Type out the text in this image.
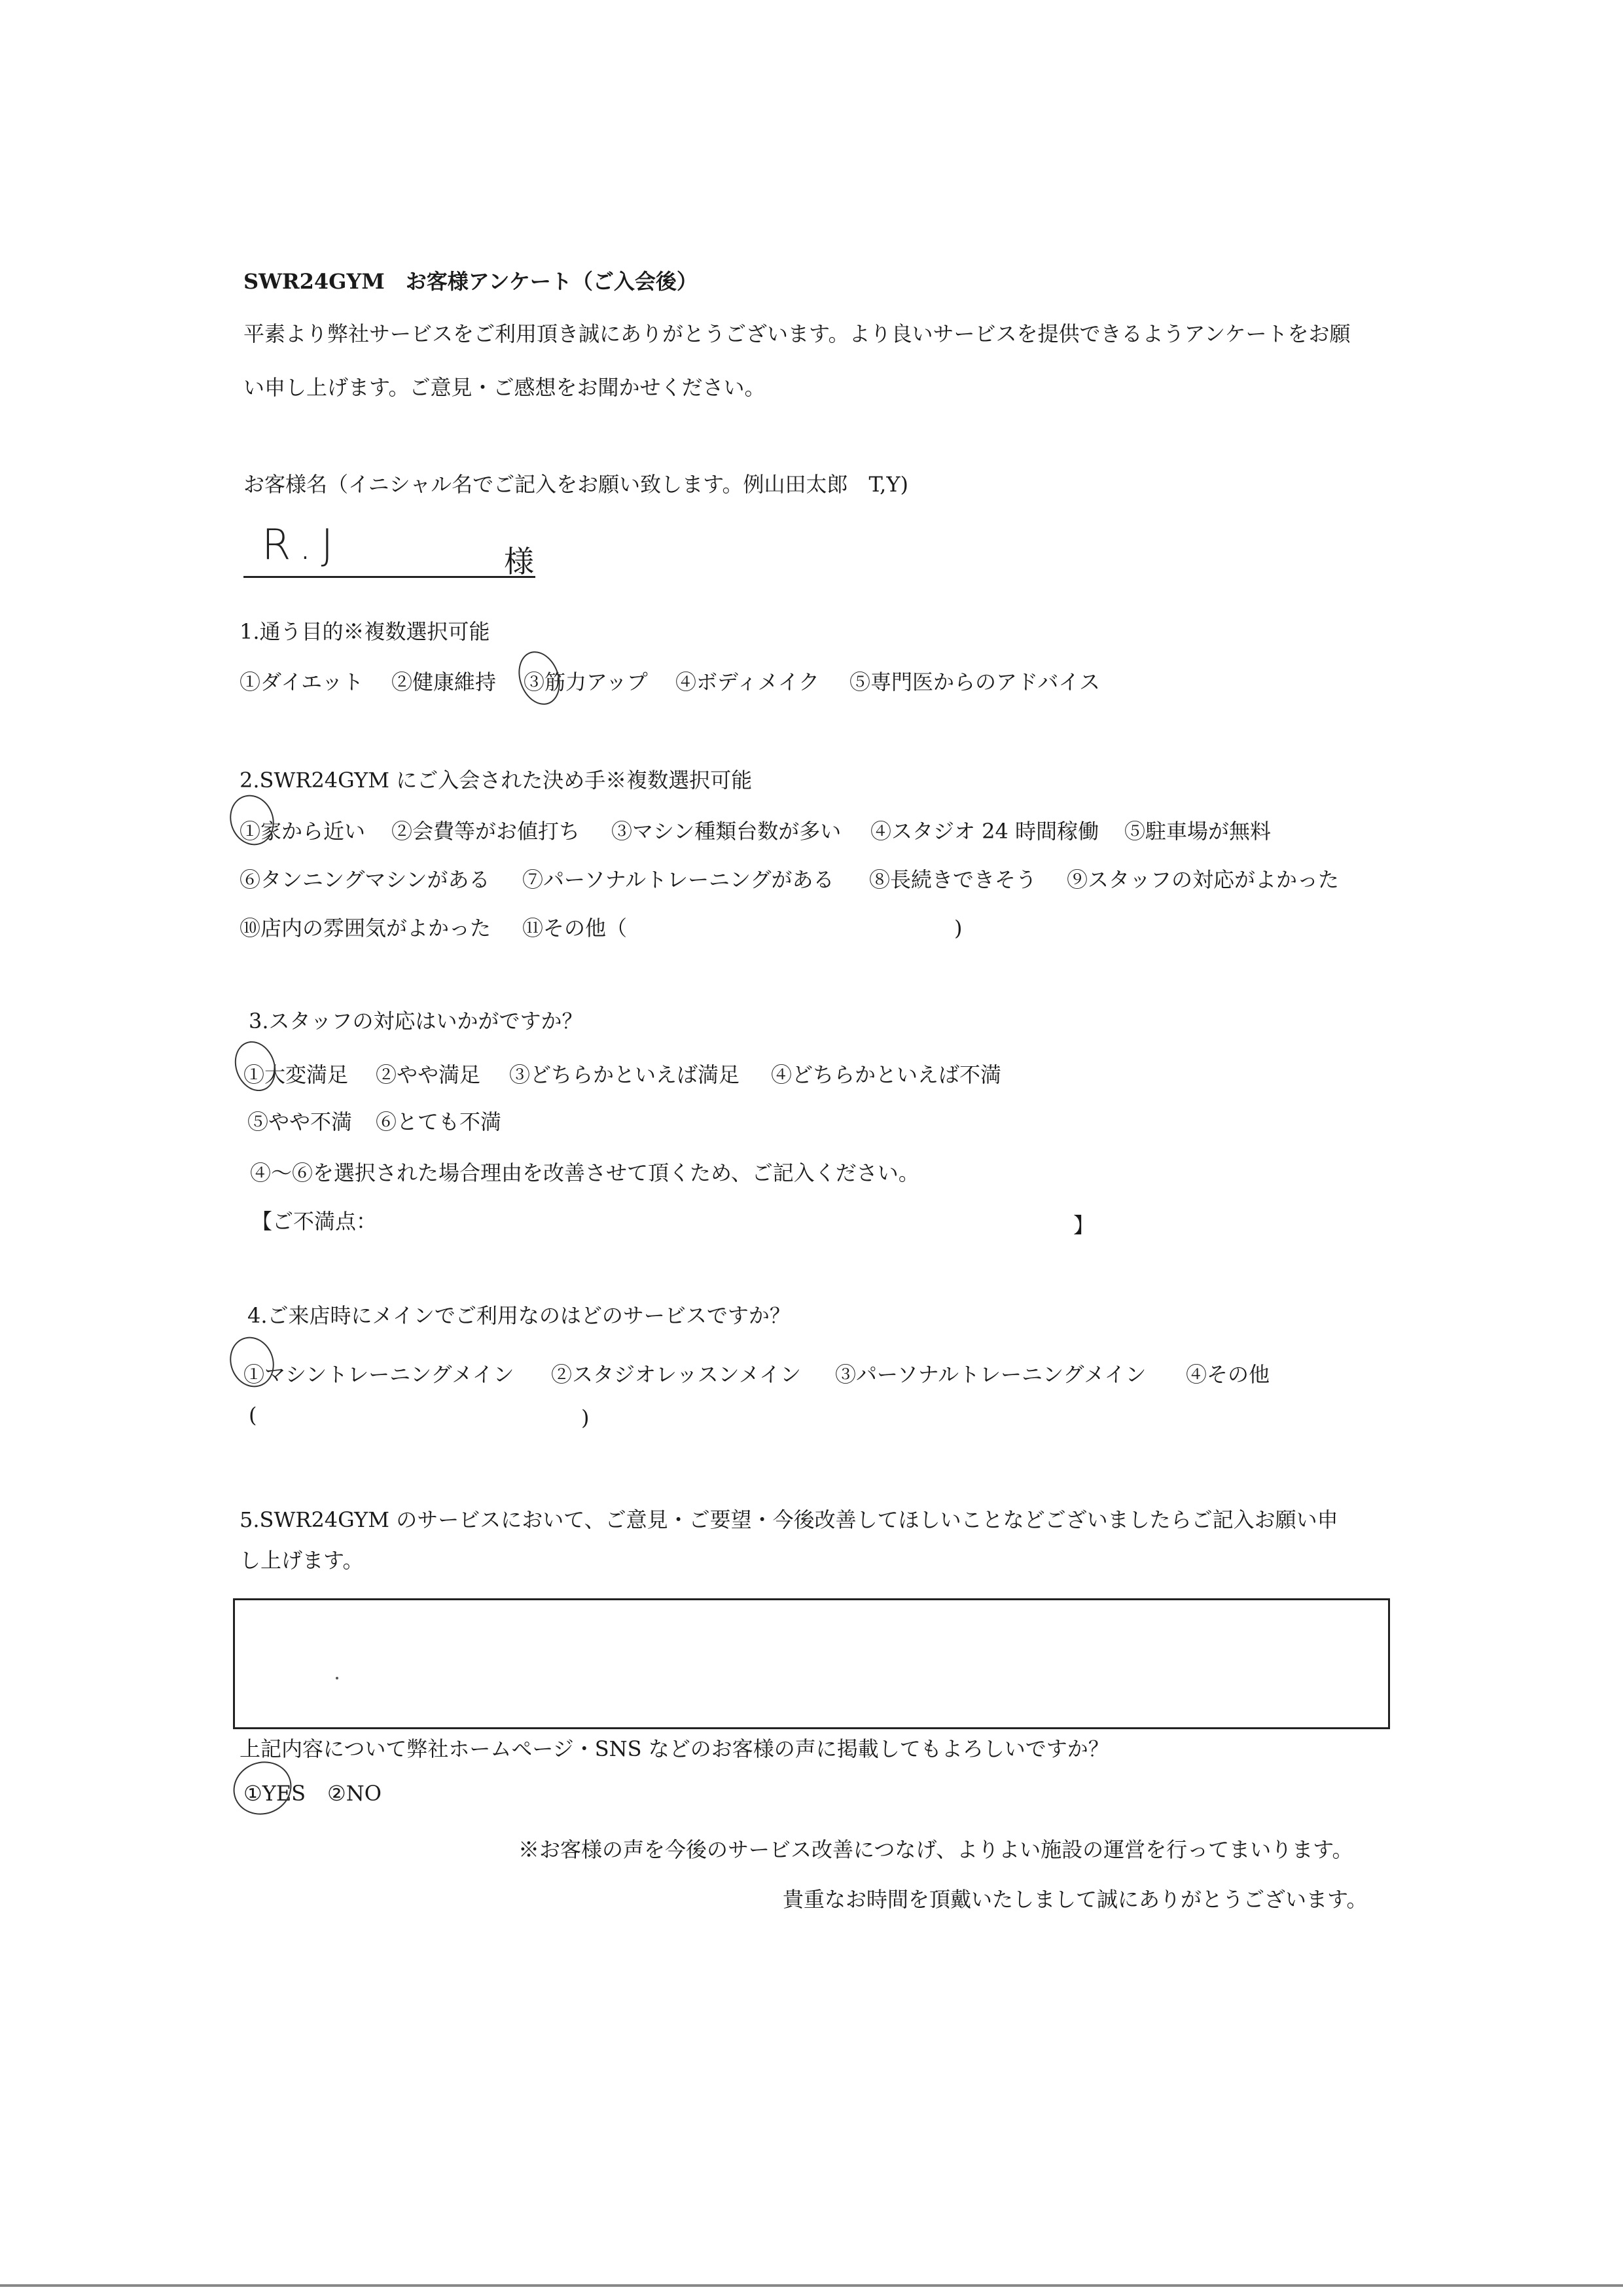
SWR24GYM　お客様アンケート（ご入会後）
平素より弊社サービスをご利用頂き誠にありがとうございます。より良いサービスを提供できるようアンケートをお願
い申し上げます。ご意見・ご感想をお聞かせください。
お客様名（イニシャル名でご記入をお願い致します。例山田太郎　T,Y)
R.J	様
1.通う目的※複数選択可能
①ダイエット ②健康維持 ③筋力アップ ④ボディメイク ⑤専門医からのアドバイス
2.SWR24GYM にご入会された決め手※複数選択可能
①家から近い ②会費等がお値打ち ③マシン種類台数が多い ④スタジオ 24 時間稼働 ⑤駐車場が無料
⑥タンニングマシンがある ⑦パーソナルトレーニングがある ⑧長続きできそう ⑨スタッフの対応がよかった
⑩店内の雰囲気がよかった ⑪その他（	)
3.スタッフの対応はいかがですか？
①大変満足 ②やや満足 ③どちらかといえば満足 ④どちらかといえば不満
⑤やや不満 ⑥とても不満
④〜⑥を選択された場合理由を改善させて頂くため、ご記入ください。
【ご不満点：	】
4.ご来店時にメインでご利用なのはどのサービスですか？
①マシントレーニングメイン ②スタジオレッスンメイン ③パーソナルトレーニングメイン ④その他
(	)
5.SWR24GYM のサービスにおいて、ご意見・ご要望・今後改善してほしいことなどございましたらご記入お願い申
し上げます。
上記内容について弊社ホームページ・SNS などのお客様の声に掲載してもよろしいですか？
①YES ②NO
※お客様の声を今後のサービス改善につなげ、よりよい施設の運営を行ってまいります。
貴重なお時間を頂戴いたしまして誠にありがとうございます。
